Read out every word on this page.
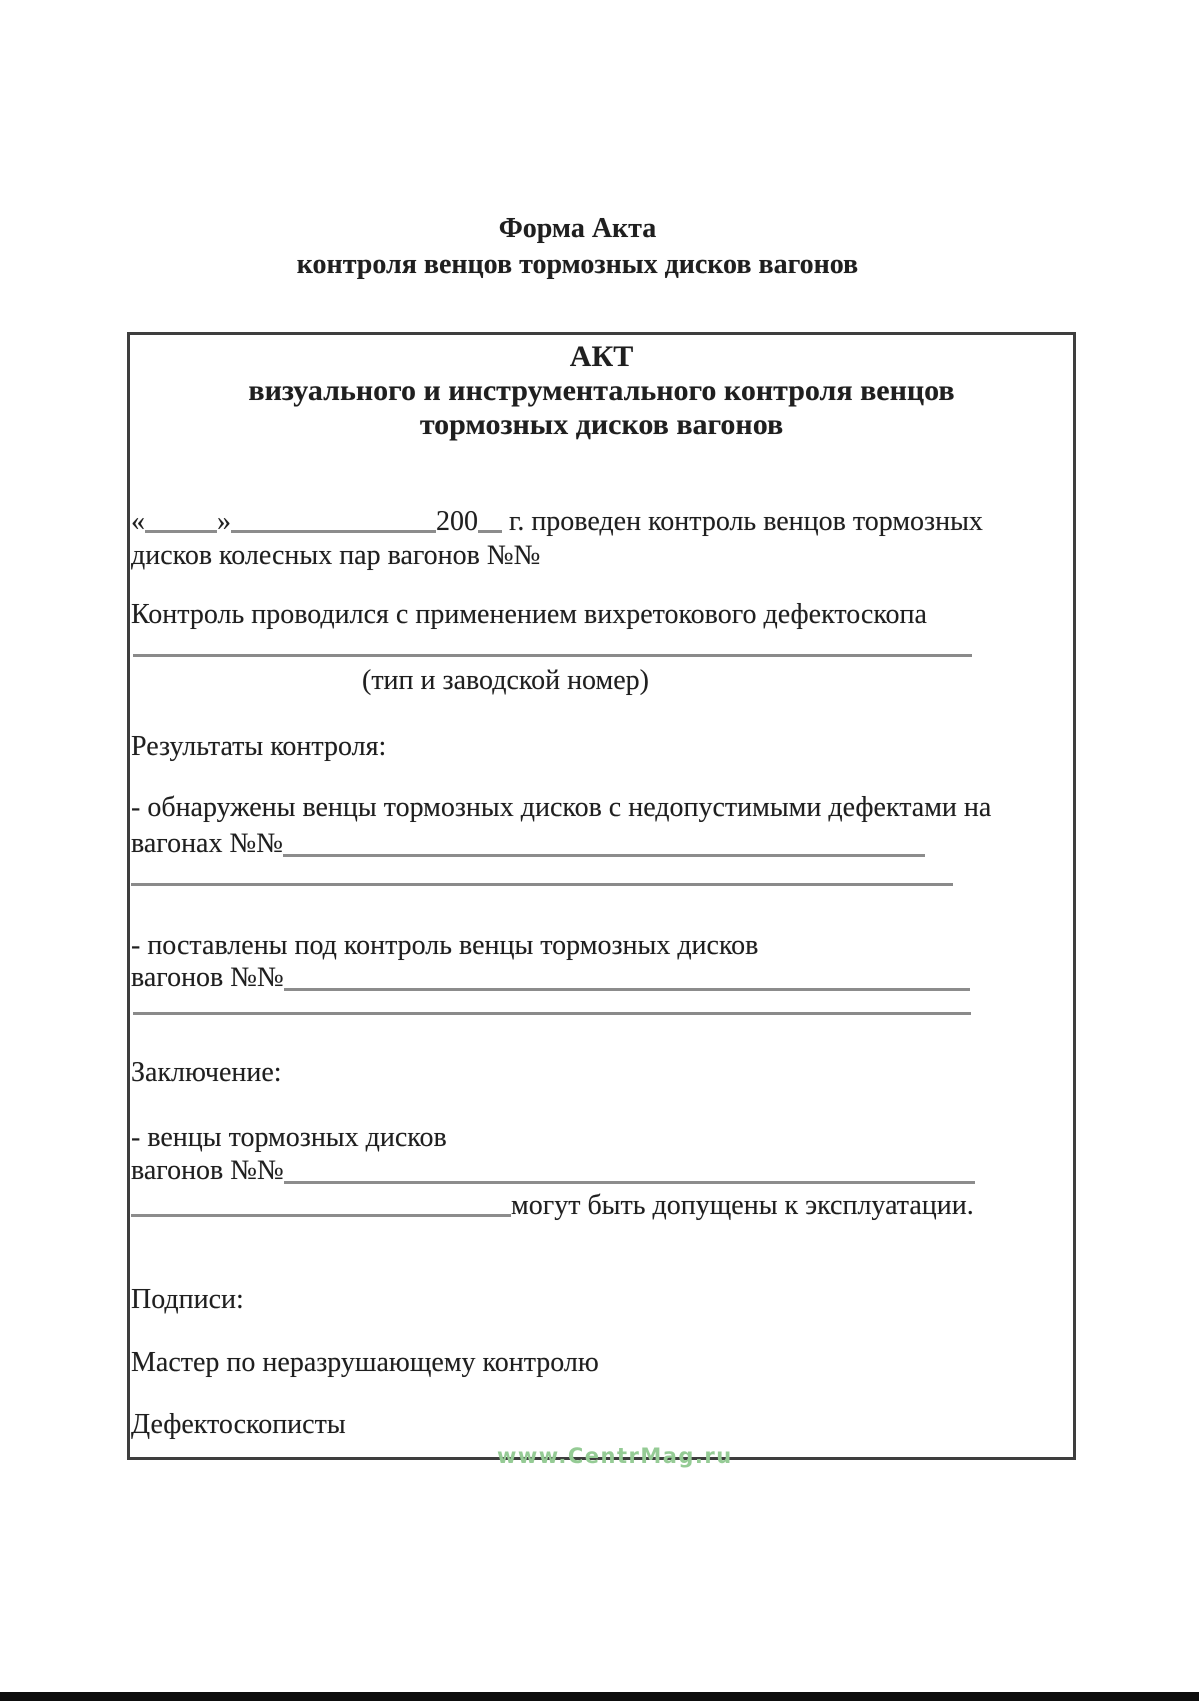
Форма Акта
контроля венцов тормозных дисков вагонов
АКТ
визуального и инструментального контроля венцов
тормозных дисков вагонов
«	»	200 г. проведен контроль венцов тормозных
дисков колесных пар вагонов №№
Контроль проводился с применением вихретокового дефектоскопа
(тип и заводской номер)
Результаты контроля:
- обнаружены венцы тормозных дисков с недопустимыми дефектами на
вагонах №№
- поставлены под контроль венцы тормозных дисков
вагонов №№
Заключение:
- венцы тормозных дисков
вагонов №№
могут быть допущены к эксплуатации.
Подписи:
Мастер по неразрушающему контролю
Дефектоскописты
www.CentrMag.ru
